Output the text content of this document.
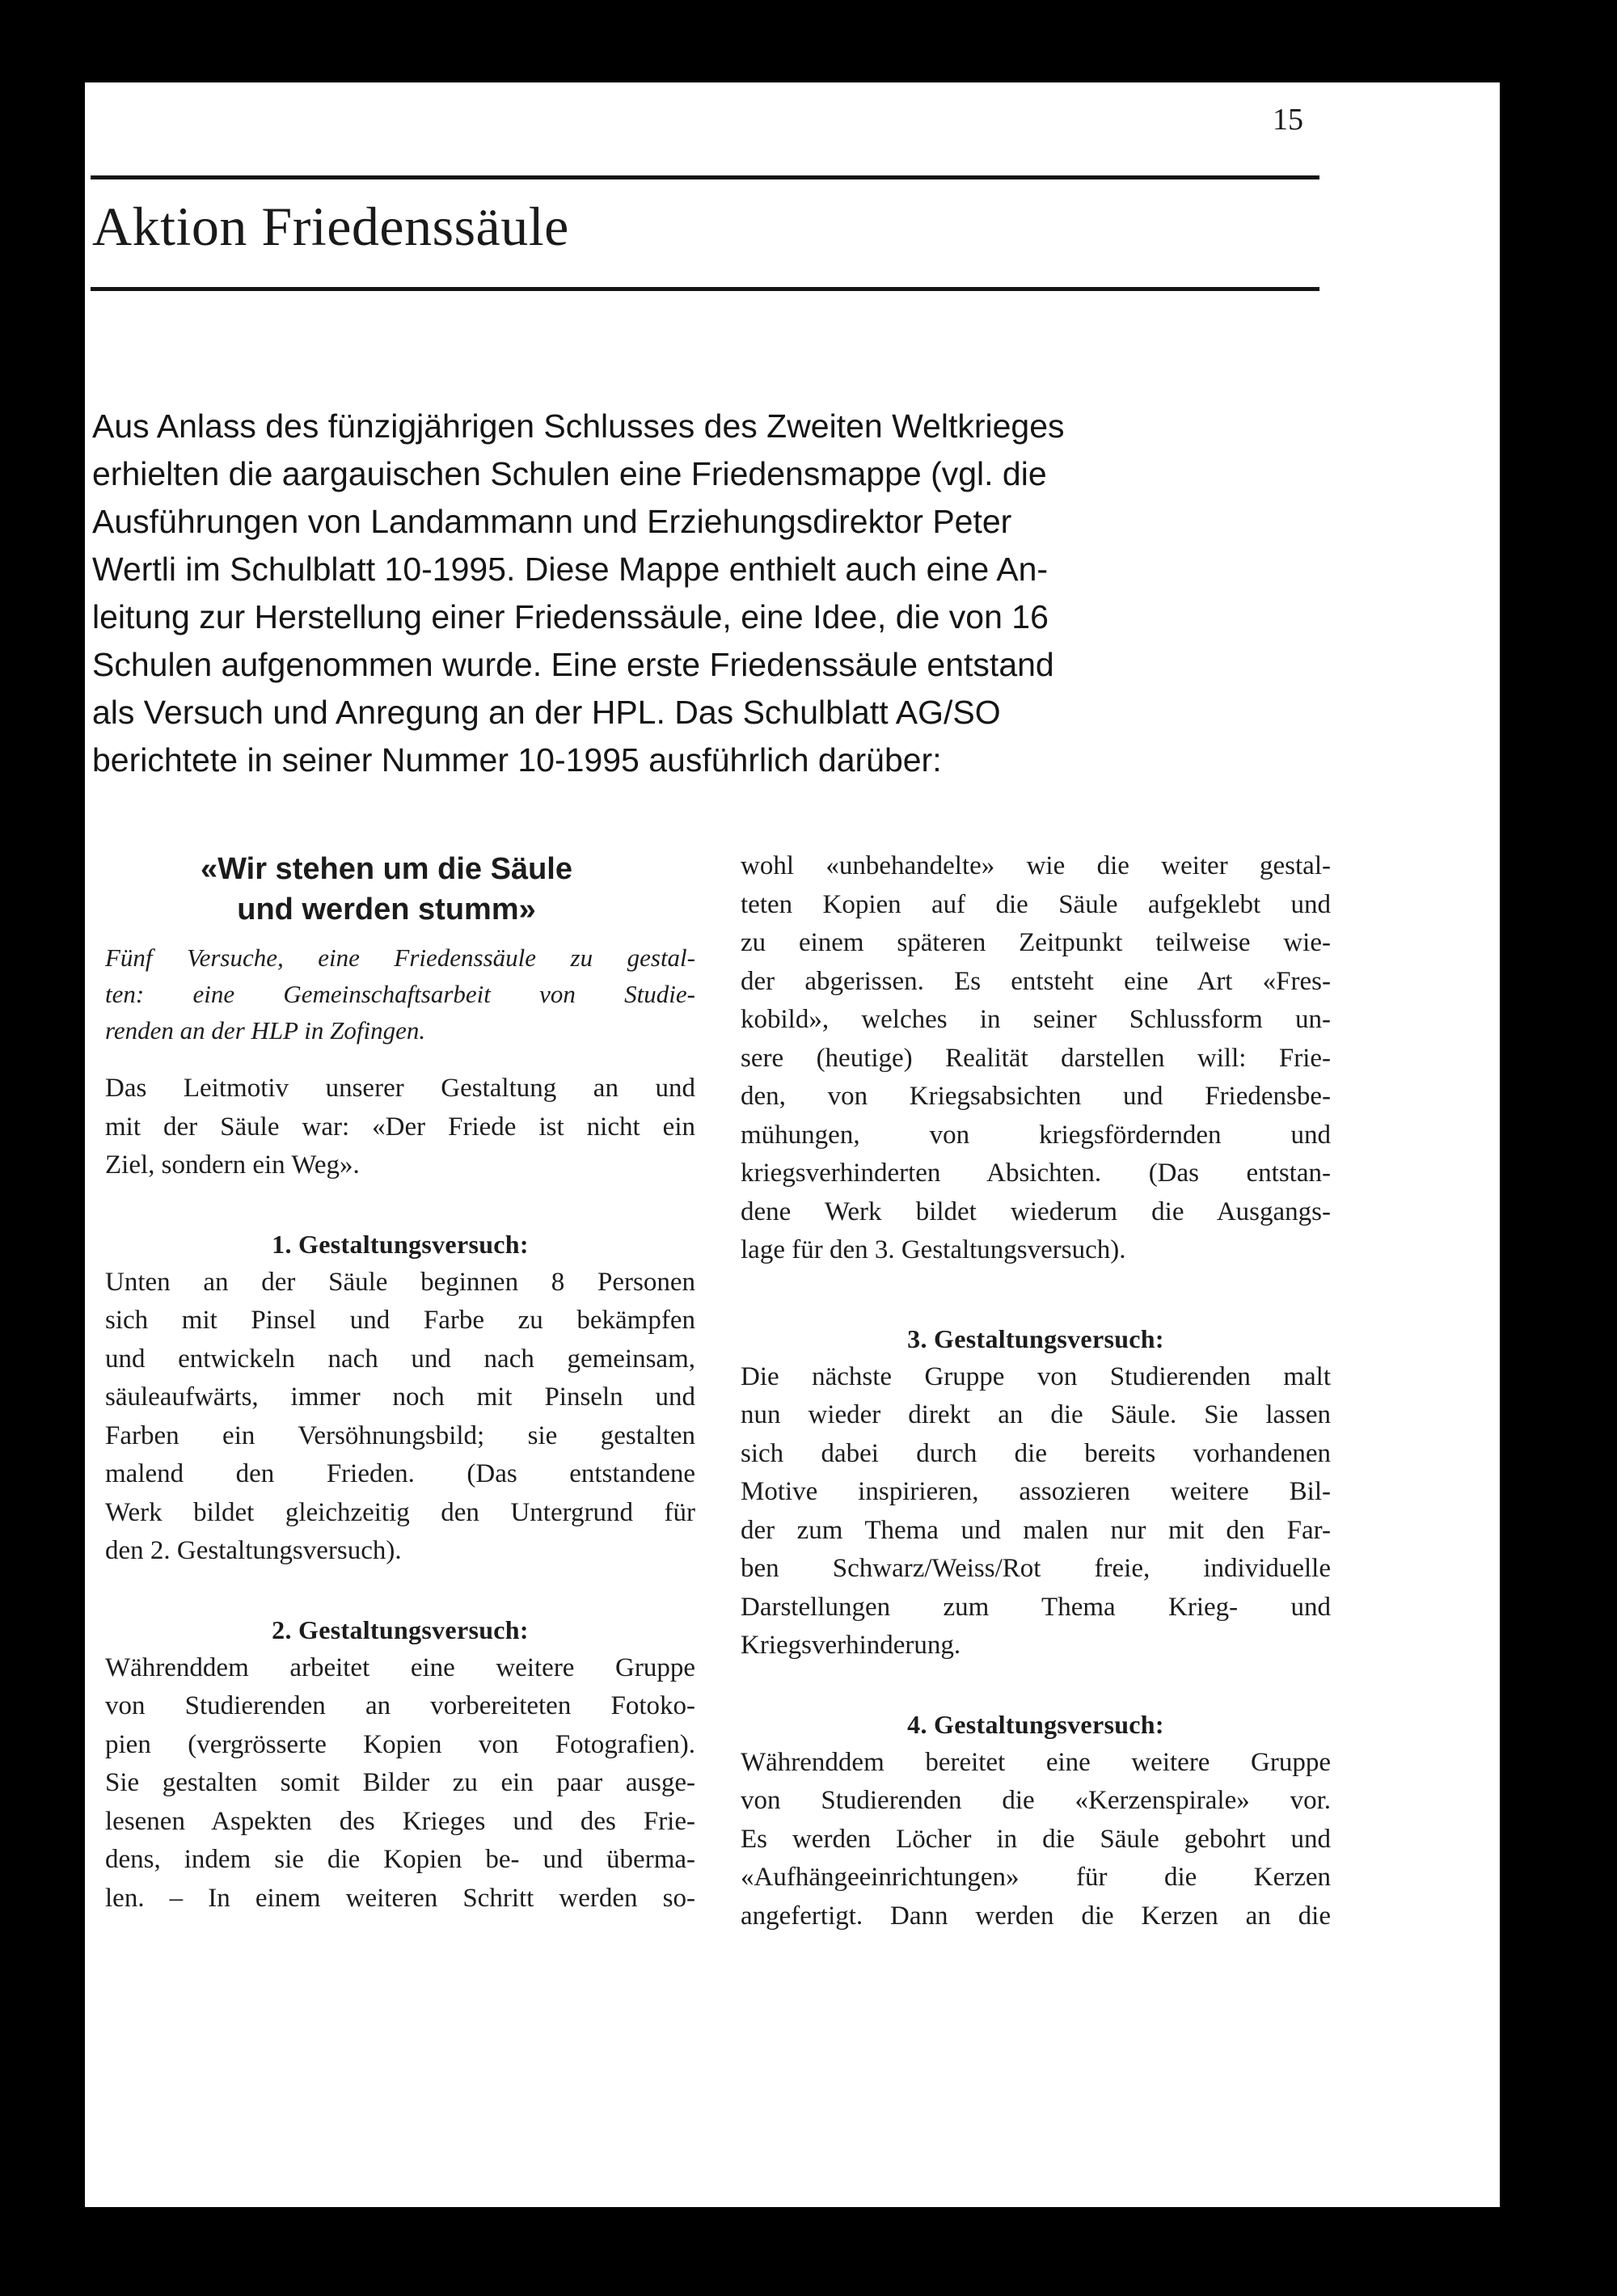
15
Aktion Friedenssäule

Aus Anlass des fünzigjährigen Schlusses des Zweiten Weltkrieges
erhielten die aargauischen Schulen eine Friedensmappe (vgl. die
Ausführungen von Landammann und Erziehungsdirektor Peter
Wertli im Schulblatt 10-1995. Diese Mappe enthielt auch eine An-
leitung zur Herstellung einer Friedenssäule, eine Idee, die von 16
Schulen aufgenommen wurde. Eine erste Friedenssäule entstand
als Versuch und Anregung an der HPL. Das Schulblatt AG/SO
berichtete in seiner Nummer 10-1995 ausführlich darüber:

«Wir stehen um die Säule
und werden stumm»
Fünf Versuche, eine Friedenssäule zu gestal-
ten: eine Gemeinschaftsarbeit von Studie-
renden an der HLP in Zofingen.
Das Leitmotiv unserer Gestaltung an und
mit der Säule war: «Der Friede ist nicht ein
Ziel, sondern ein Weg».
1. Gestaltungsversuch:
Unten an der Säule beginnen 8 Personen
sich mit Pinsel und Farbe zu bekämpfen
und entwickeln nach und nach gemeinsam,
säuleaufwärts, immer noch mit Pinseln und
Farben ein Versöhnungsbild; sie gestalten
malend den Frieden. (Das entstandene
Werk bildet gleichzeitig den Untergrund für
den 2. Gestaltungsversuch).
2. Gestaltungsversuch:
Währenddem arbeitet eine weitere Gruppe
von Studierenden an vorbereiteten Fotoko-
pien (vergrösserte Kopien von Fotografien).
Sie gestalten somit Bilder zu ein paar ausge-
lesenen Aspekten des Krieges und des Frie-
dens, indem sie die Kopien be- und überma-
len. – In einem weiteren Schritt werden so-
wohl «unbehandelte» wie die weiter gestal-
teten Kopien auf die Säule aufgeklebt und
zu einem späteren Zeitpunkt teilweise wie-
der abgerissen. Es entsteht eine Art «Fres-
kobild», welches in seiner Schlussform un-
sere (heutige) Realität darstellen will: Frie-
den, von Kriegsabsichten und Friedensbe-
mühungen, von kriegsfördernden und
kriegsverhinderten Absichten. (Das entstan-
dene Werk bildet wiederum die Ausgangs-
lage für den 3. Gestaltungsversuch).
3. Gestaltungsversuch:
Die nächste Gruppe von Studierenden malt
nun wieder direkt an die Säule. Sie lassen
sich dabei durch die bereits vorhandenen
Motive inspirieren, assozieren weitere Bil-
der zum Thema und malen nur mit den Far-
ben Schwarz/Weiss/Rot freie, individuelle
Darstellungen zum Thema Krieg- und
Kriegsverhinderung.
4. Gestaltungsversuch:
Währenddem bereitet eine weitere Gruppe
von Studierenden die «Kerzenspirale» vor.
Es werden Löcher in die Säule gebohrt und
«Aufhängeeinrichtungen» für die Kerzen
angefertigt. Dann werden die Kerzen an die
